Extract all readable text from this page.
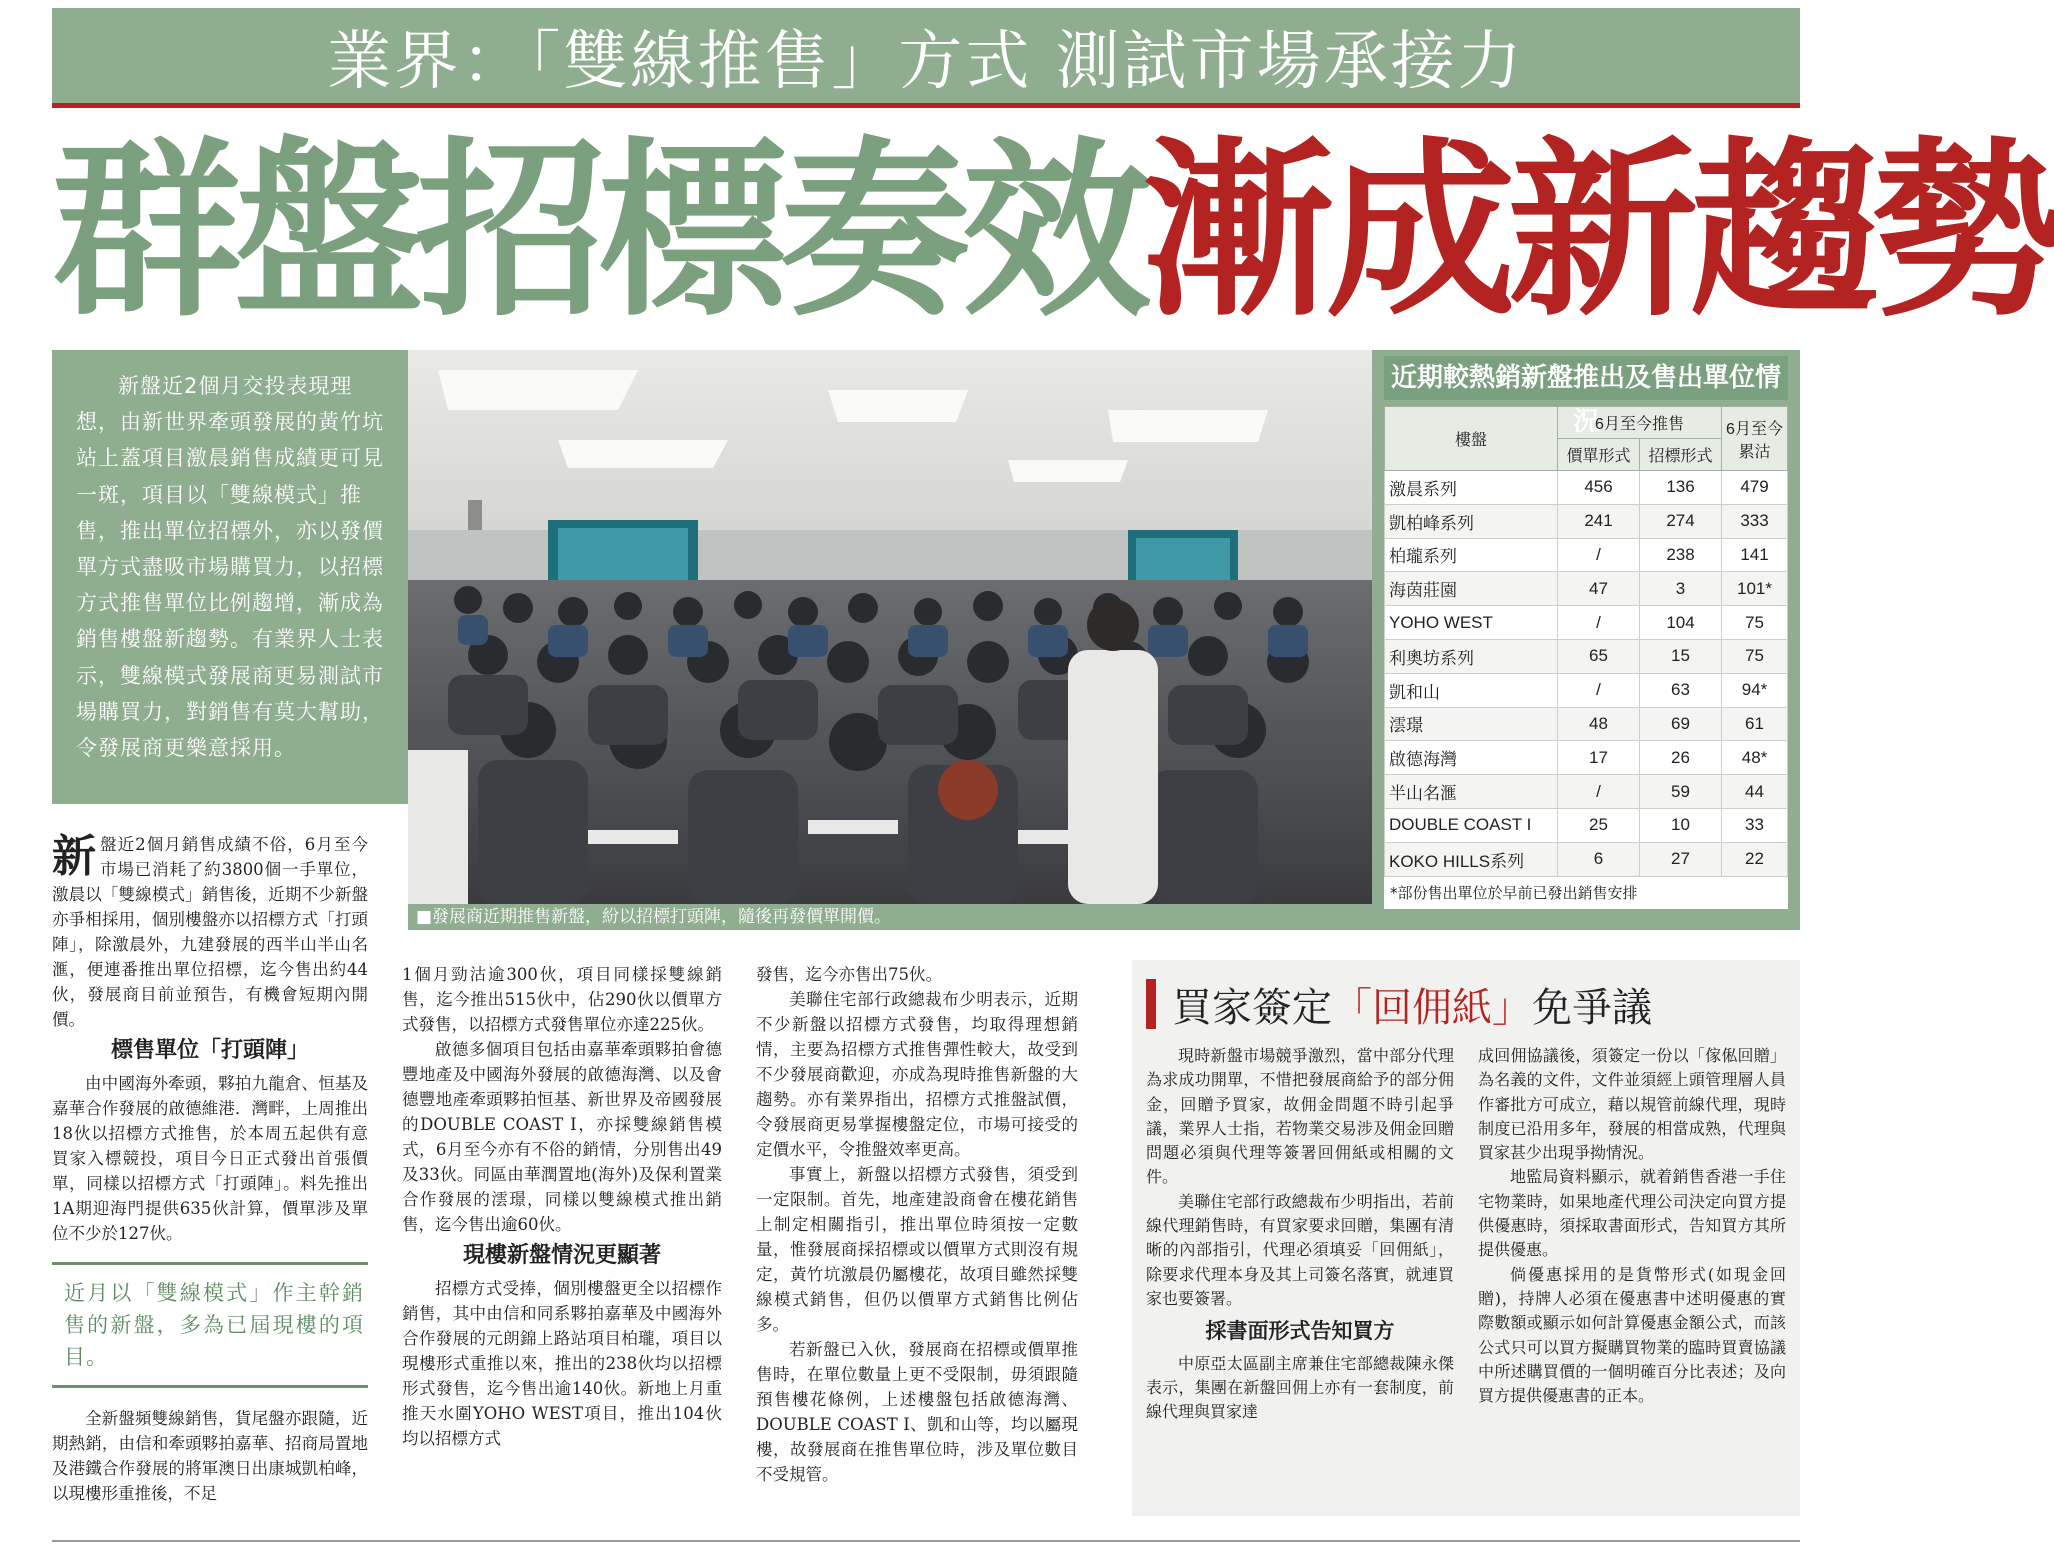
業界：「雙線推售」方式 測試市場承接力
群盤招標奏效 漸成新趨勢

新盤近2個月交投表現理想，由新世界牽頭發展的黃竹坑站上蓋項目激晨銷售成績更可見一斑，項目以「雙線模式」推售，推出單位招標外，亦以發價單方式盡吸市場購買力，以招標方式推售單位比例趨增，漸成為銷售樓盤新趨勢。有業界人士表示，雙線模式發展商更易測試市場購買力，對銷售有莫大幫助，令發展商更樂意採用。

■發展商近期推售新盤，紛以招標打頭陣，隨後再發價單開價。
近期較熱銷新盤推出及售出單位情況
樓盤	6月至今推售		6月至今累沽
	價單形式	招標形式	
激晨系列	456	136	479
凱柏峰系列	241	274	333
柏瓏系列	/	238	141
海茵莊園	47	3	101*
YOHO WEST	/	104	75
利奧坊系列	65	15	75
凱和山	/	63	94*
澐璟	48	69	61
啟德海灣	17	26	48*
半山名滙	/	59	44
DOUBLE COAST I	25	10	33
KOKO HILLS系列	6	27	22
*部份售出單位於早前已發出銷售安排
新盤近2個月銷售成績不俗，6月至今市場已消耗了約3800個一手單位，激晨以「雙線模式」銷售後，近期不少新盤亦爭相採用，個別樓盤亦以招標方式「打頭陣」，除激晨外，九建發展的西半山半山名滙，便連番推出單位招標，迄今售出約44伙，發展商目前並預告，有機會短期內開價。
標售單位「打頭陣」

由中國海外牽頭，夥拍九龍倉、恒基及嘉華合作發展的啟德維港．灣畔，上周推出18伙以招標方式推售，於本周五起供有意買家入標競投，項目今日正式發出首張價單，同樣以招標方式「打頭陣」。料先推出1A期迎海門提供635伙計算，價單涉及單位不少於127伙。

近月以「雙線模式」作主幹銷售的新盤，多為已屆現樓的項目。

全新盤頻雙線銷售，貨尾盤亦跟隨，近期熱銷，由信和牽頭夥拍嘉華、招商局置地及港鐵合作發展的將軍澳日出康城凱柏峰，以現樓形重推後，不足

1個月勁沽逾300伙，項目同樣採雙線銷售，迄今推出515伙中，佔290伙以價單方式發售，以招標方式發售單位亦達225伙。

啟德多個項目包括由嘉華牽頭夥拍會德豐地產及中國海外發展的啟德海灣、以及會德豐地產牽頭夥拍恒基、新世界及帝國發展的DOUBLE COAST I，亦採雙線銷售模式，6月至今亦有不俗的銷情，分別售出49及33伙。同區由華潤置地(海外)及保利置業合作發展的澐璟，同樣以雙線模式推出銷售，迄今售出逾60伙。

現樓新盤情況更顯著

招標方式受捧，個別樓盤更全以招標作銷售，其中由信和同系夥拍嘉華及中國海外合作發展的元朗錦上路站項目柏瓏，項目以現樓形式重推以來，推出的238伙均以招標形式發售，迄今售出逾140伙。新地上月重推天水圍YOHO WEST項目，推出104伙均以招標方式

發售，迄今亦售出75伙。

美聯住宅部行政總裁布少明表示，近期不少新盤以招標方式發售，均取得理想銷情，主要為招標方式推售彈性較大，故受到不少發展商歡迎，亦成為現時推售新盤的大趨勢。亦有業界指出，招標方式推盤試價，令發展商更易掌握樓盤定位，市場可接受的定價水平，令推盤效率更高。

事實上，新盤以招標方式發售，須受到一定限制。首先，地產建設商會在樓花銷售上制定相關指引，推出單位時須按一定數量，惟發展商採招標或以價單方式則沒有規定，黃竹坑激晨仍屬樓花，故項目雖然採雙線模式銷售，但仍以價單方式銷售比例佔多。

若新盤已入伙，發展商在招標或價單推售時，在單位數量上更不受限制，毋須跟隨預售樓花條例，上述樓盤包括啟德海灣、DOUBLE COAST I、凱和山等，均以屬現樓，故發展商在推售單位時，涉及單位數目不受規管。

買家簽定 「回佣紙」 免爭議

現時新盤市場競爭激烈，當中部分代理為求成功開單，不惜把發展商給予的部分佣金，回贈予買家，故佣金問題不時引起爭議，業界人士指，若物業交易涉及佣金回贈問題必須與代理等簽署回佣紙或相關的文件。

美聯住宅部行政總裁布少明指出，若前線代理銷售時，有買家要求回贈，集團有清晰的內部指引，代理必須填妥「回佣紙」，除要求代理本身及其上司簽名落實，就連買家也要簽署。

採書面形式告知買方

中原亞太區副主席兼住宅部總裁陳永傑表示，集團在新盤回佣上亦有一套制度，前線代理與買家達

成回佣協議後，須簽定一份以「傢俬回贈」為名義的文件，文件並須經上頭管理層人員作審批方可成立，藉以規管前線代理，現時制度已沿用多年，發展的相當成熟，代理與買家甚少出現爭拗情況。

地監局資料顯示，就着銷售香港一手住宅物業時，如果地產代理公司決定向買方提供優惠時，須採取書面形式，告知買方其所提供優惠。

倘優惠採用的是貨幣形式(如現金回贈)，持牌人必須在優惠書中述明優惠的實際數額或顯示如何計算優惠金額公式，而該公式只可以買方擬購買物業的臨時買賣協議中所述購買價的一個明確百分比表述；及向買方提供優惠書的正本。
